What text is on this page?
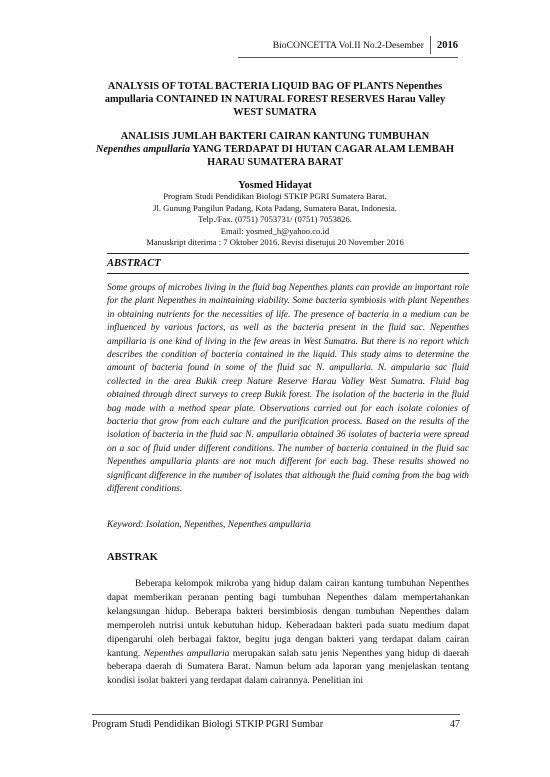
BioCONCETTA Vol.II No.2-Desember	2016
ANALYSIS OF TOTAL BACTERIA LIQUID BAG OF PLANTS Nepenthes ampullaria CONTAINED IN NATURAL FOREST RESERVES Harau Valley WEST SUMATRA
ANALISIS JUMLAH BAKTERI CAIRAN KANTUNG TUMBUHAN
Nepenthes ampullaria YANG TERDAPAT DI HUTAN CAGAR ALAM LEMBAH HARAU SUMATERA BARAT
Yosmed Hidayat
Program Studi Pendidikan Biologi STKIP PGRI Sumatera Barat.
Jl. Gunung Pangilun Padang, Kota Padang, Sumatera Barat, Indonesia.
Telp./Fax. (0751) 7053731/ (0751) 7053826.
Email: yosmed_h@yahoo.co.id
Manuskript diterima : 7 Oktober 2016. Revisi disetujui 20 November 2016
ABSTRACT
Some groups of microbes living in the fluid bag Nepenthes plants can provide an important role for the plant Nepenthes in maintaining viability. Some bacteria symbiosis with plant Nepenthes in obtaining nutrients for the necessities of life. The presence of bacteria in a medium can be influenced by various factors, as well as the bacteria present in the fluid sac. Nepenthes ampillaria is one kind of living in the few areas in West Sumatra. But there is no report which describes the condition of bacteria contained in the liquid. This study aims to determine the amount of bacteria found in some of the fluid sac N. ampullaria. N. ampularia sac fluid collected in the area Bukik creep Nature Reserve Harau Valley West Sumatra. Fluid bag obtained through direct surveys to creep Bukik forest. The isolation of the bacteria in the fluid bag made with a method spear plate. Observations carried out for each isolate colonies of bacteria that grow from each culture and the purification process. Based on the results of the isolation of bacteria in the fluid sac N. ampullaria obtained 36 isolates of bacteria were spread on a sac of fluid under different conditions. The number of bacteria contained in the fluid sac Nepenthes ampullaria plants are not much different for each bag. These results showed no significant difference in the number of isolates that although the fluid coming from the bag with different conditions.
Keyword: Isolation, Nepenthes, Nepenthes ampullaria
ABSTRAK
Beberapa kelompok mikroba yang hidup dalam cairan kantung tumbuhan Nepenthes dapat memberikan peranan penting bagi tumbuhan Nepenthes dalam mempertahankan kelangsungan hidup. Beberapa bakteri bersimbiosis dengan tumbuhan Nepenthes dalam memperoleh nutrisi untuk kebutuhan hidup. Keberadaan bakteri pada suatu medium dapat dipengaruhi oleh berbagai faktor, begitu juga dengan bakteri yang terdapat dalam cairan kantung. Nepenthes ampullaria merupakan salah satu jenis Nepenthes yang hidup di daerah beberapa daerah di Sumatera Barat. Namun belum ada laporan yang menjelaskan tentang kondisi isolat bakteri yang terdapat dalam cairannya. Penelitian ini
Program Studi Pendidikan Biologi STKIP PGRI Sumbar	47
